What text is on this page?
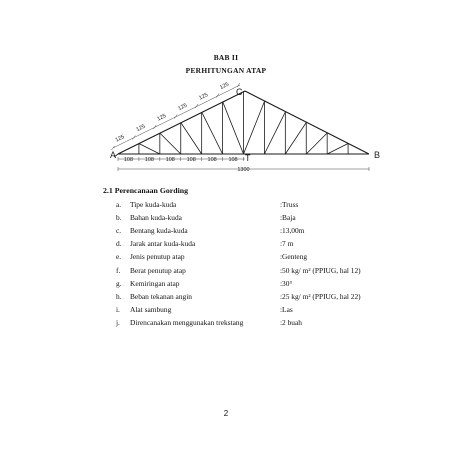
BAB II
PERHITUNGAN ATAP
125
125
125
125
125
125
108 108 108 108 108 108
1300
A	B
C
T
2.1 Perencanaan Gording
a. Tipe kuda-kuda	:Truss
b. Bahan kuda-kuda	:Baja
c. Bentang kuda-kuda	:13,00m
d. Jarak antar kuda-kuda	:7 m
e. Jenis penutup atap	:Genteng
f. Berat penutup atap	:50 kg/ m² (PPIUG, hal 12)
g. Kemiringan atap	:30°
h. Beban tekanan angin	:25 kg/ m² (PPIUG, hal 22)
i. Alat sambung	:Las
j. Direncanakan menggunakan trekstang	:2 buah
2
